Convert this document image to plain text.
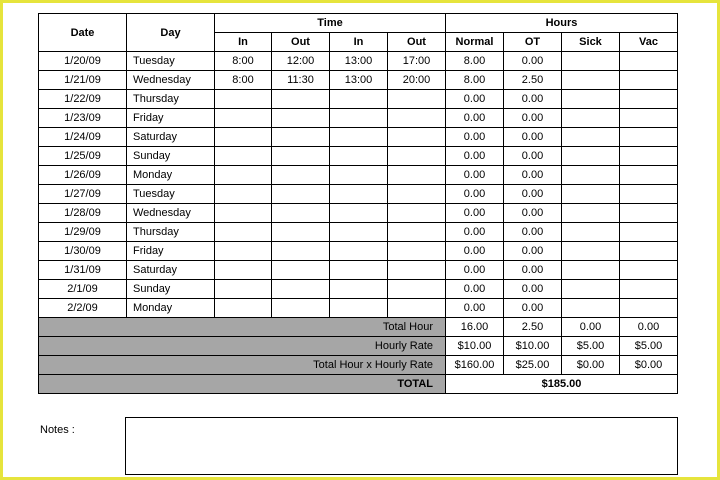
Date	Day	Time				Hours			
		In	Out	In	Out	Normal	OT	Sick	Vac
1/20/09	Tuesday	8:00	12:00	13:00	17:00	8.00	0.00		
1/21/09	Wednesday	8:00	11:30	13:00	20:00	8.00	2.50		
1/22/09	Thursday					0.00	0.00		
1/23/09	Friday					0.00	0.00		
1/24/09	Saturday					0.00	0.00		
1/25/09	Sunday					0.00	0.00		
1/26/09	Monday					0.00	0.00		
1/27/09	Tuesday					0.00	0.00		
1/28/09	Wednesday					0.00	0.00		
1/29/09	Thursday					0.00	0.00		
1/30/09	Friday					0.00	0.00		
1/31/09	Saturday					0.00	0.00		
2/1/09	Sunday					0.00	0.00		
2/2/09	Monday					0.00	0.00		
Total Hour						16.00	2.50	0.00	0.00
Hourly Rate						$10.00	$10.00	$5.00	$5.00
Total Hour x Hourly Rate						$160.00	$25.00	$0.00	$0.00
TOTAL						$185.00			
Notes :
